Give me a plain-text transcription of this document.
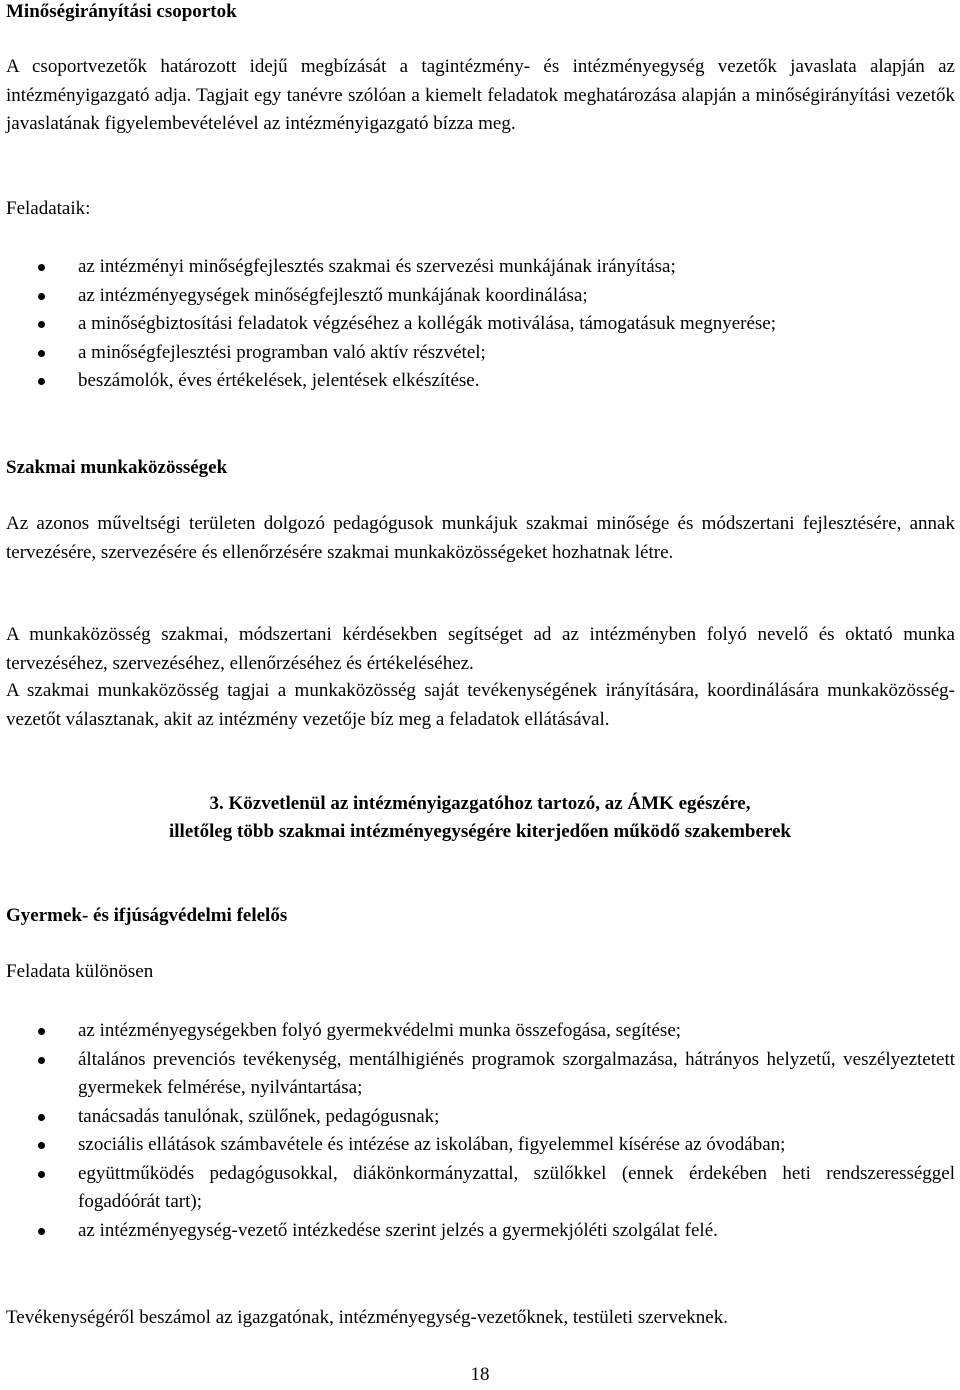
Minőségirányítási csoportok

A csoportvezetők határozott idejű megbízását a tagintézmény- és intézményegység vezetők javaslata alapján az intézményigazgató adja. Tagjait egy tanévre szólóan a kiemelt feladatok meghatározása alapján a minőségirányítási vezetők javaslatának figyelembevételével az intézményigazgató bízza meg.

Feladataik:

az intézményi minőségfejlesztés szakmai és szervezési munkájának irányítása;
az intézményegységek minőségfejlesztő munkájának koordinálása;
a minőségbiztosítási feladatok végzéséhez a kollégák motiválása, támogatásuk megnyerése;
a minőségfejlesztési programban való aktív részvétel;
beszámolók, éves értékelések, jelentések elkészítése.
Szakmai munkaközösségek

Az azonos műveltségi területen dolgozó pedagógusok munkájuk szakmai minősége és módszertani fejlesztésére, annak tervezésére, szervezésére és ellenőrzésére szakmai munkaközösségeket hozhatnak létre.

A munkaközösség szakmai, módszertani kérdésekben segítséget ad az intézményben folyó nevelő és oktató munka tervezéséhez, szervezéséhez, ellenőrzéséhez és értékeléséhez.

A szakmai munkaközösség tagjai a munkaközösség saját tevékenységének irányítására, koordinálására munkaközösség-vezetőt választanak, akit az intézmény vezetője bíz meg a feladatok ellátásával.

3. Közvetlenül az intézményigazgatóhoz tartozó, az ÁMK egészére,

illetőleg több szakmai intézményegységére kiterjedően működő szakemberek

Gyermek- és ifjúságvédelmi felelős

Feladata különösen

az intézményegységekben folyó gyermekvédelmi munka összefogása, segítése;
általános prevenciós tevékenység, mentálhigiénés programok szorgalmazása, hátrányos helyzetű, veszélyeztetett gyermekek felmérése, nyilvántartása;
tanácsadás tanulónak, szülőnek, pedagógusnak;
szociális ellátások számbavétele és intézése az iskolában, figyelemmel kísérése az óvodában;
együttműködés pedagógusokkal, diákönkormányzattal, szülőkkel (ennek érdekében heti rendszerességgel fogadóórát tart);
az intézményegység-vezető intézkedése szerint jelzés a gyermekjóléti szolgálat felé.

Tevékenységéről beszámol az igazgatónak, intézményegység-vezetőknek, testületi szerveknek.

18
